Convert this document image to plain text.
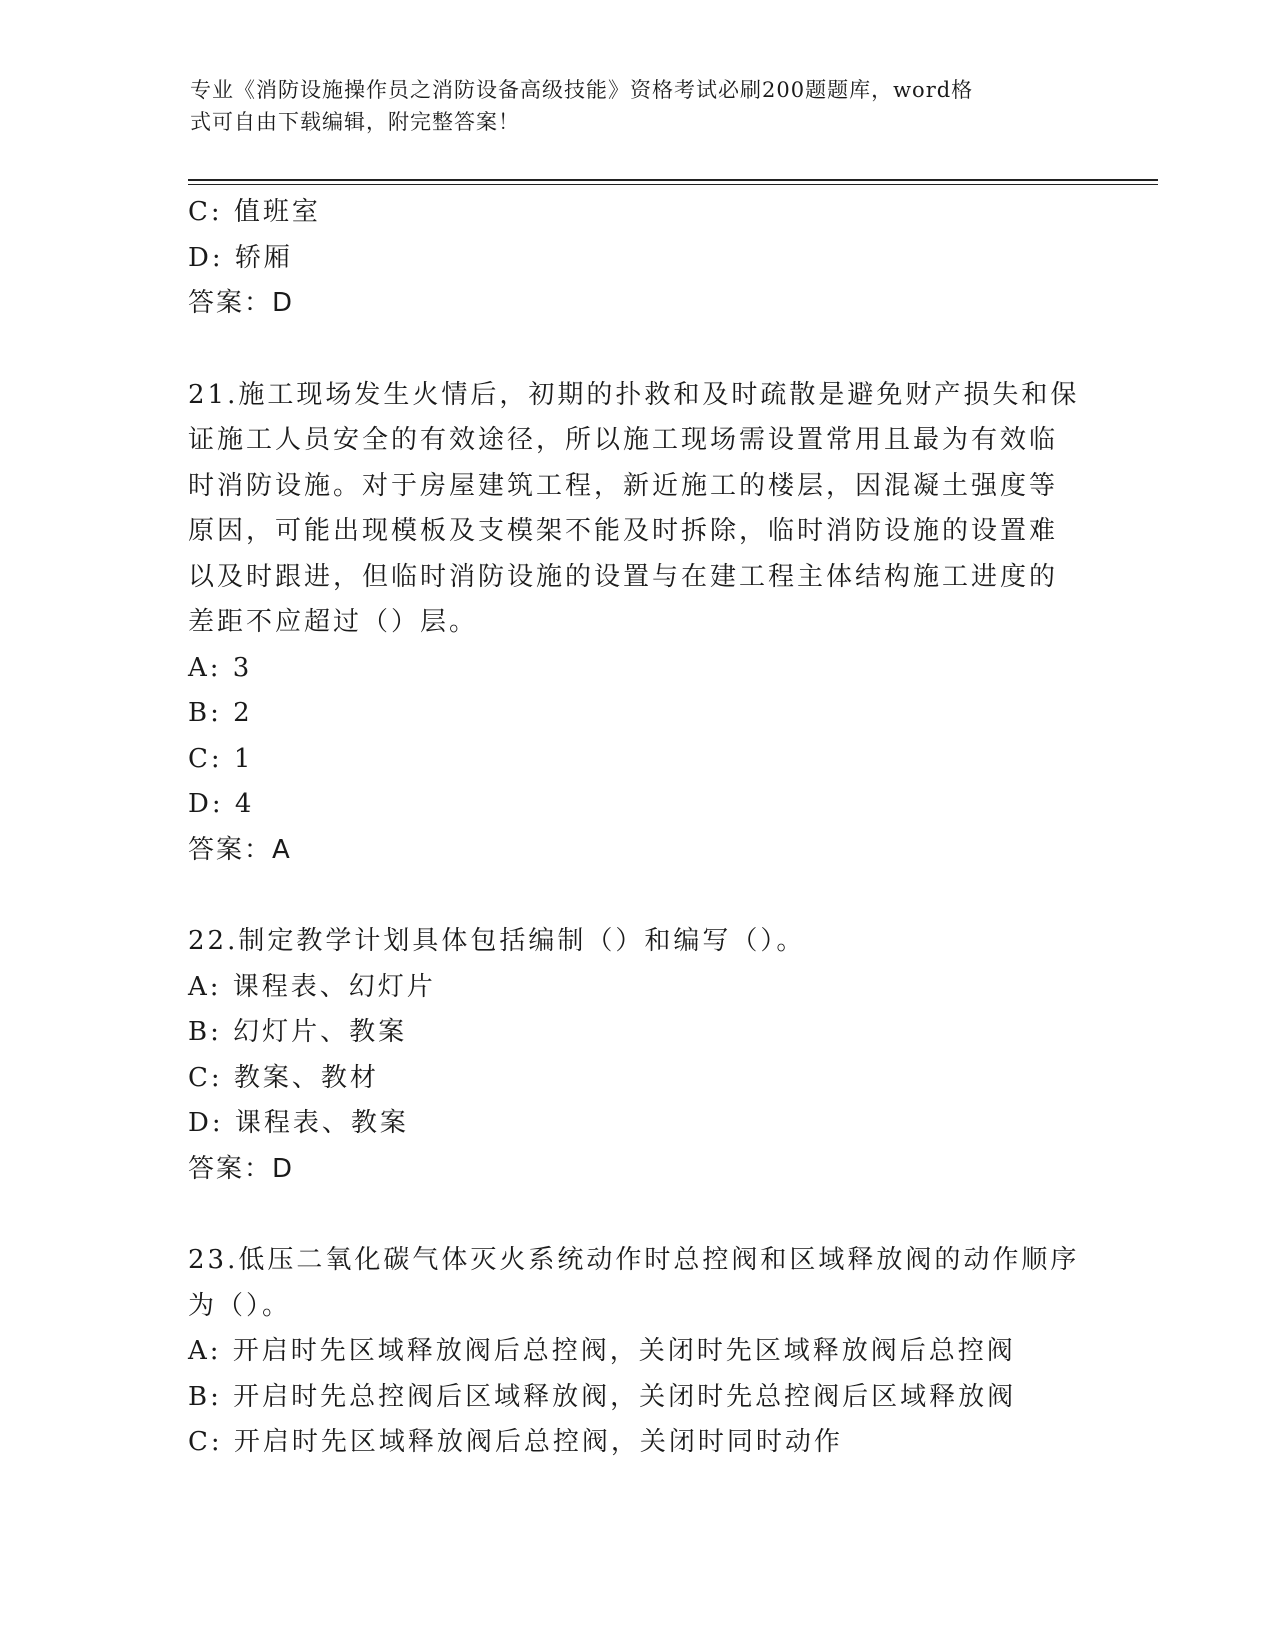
专业《消防设施操作员之消防设备高级技能》资格考试必刷200题题库，word格
式可自由下载编辑，附完整答案！
C: 值班室
D: 轿厢
答案：D
21.施工现场发生火情后，初期的扑救和及时疏散是避免财产损失和保
证施工人员安全的有效途径，所以施工现场需设置常用且最为有效临
时消防设施。对于房屋建筑工程，新近施工的楼层，因混凝土强度等
原因，可能出现模板及支模架不能及时拆除，临时消防设施的设置难
以及时跟进，但临时消防设施的设置与在建工程主体结构施工进度的
差距不应超过（）层。
A: 3
B: 2
C: 1
D: 4
答案：A
22.制定教学计划具体包括编制（）和编写（）。
A: 课程表、幻灯片
B: 幻灯片、教案
C: 教案、教材
D: 课程表、教案
答案：D
23.低压二氧化碳气体灭火系统动作时总控阀和区域释放阀的动作顺序
为（）。
A: 开启时先区域释放阀后总控阀，关闭时先区域释放阀后总控阀
B: 开启时先总控阀后区域释放阀，关闭时先总控阀后区域释放阀
C: 开启时先区域释放阀后总控阀，关闭时同时动作
